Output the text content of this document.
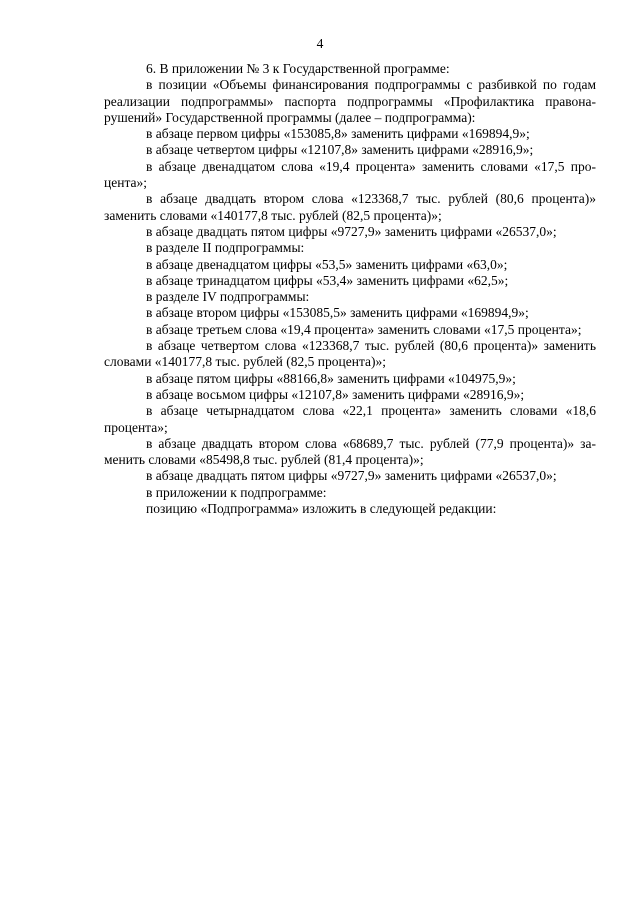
4

6. В приложении № 3 к Государственной программе:

в позиции «Объемы финансирования подпрограммы с разбивкой по годам реализации подпрограммы» паспорта подпрограммы «Профилактика правонарушений» Государственной программы (далее – подпрограмма):

в абзаце первом цифры «153085,8» заменить цифрами «169894,9»;

в абзаце четвертом цифры «12107,8» заменить цифрами «28916,9»;

в абзаце двенадцатом слова «19,4 процента» заменить словами «17,5 процента»;

в абзаце двадцать втором слова «123368,7 тыс. рублей (80,6 процента)» заменить словами «140177,8 тыс. рублей (82,5 процента)»;

в абзаце двадцать пятом цифры «9727,9» заменить цифрами «26537,0»;

в разделе II подпрограммы:

в абзаце двенадцатом цифры «53,5» заменить цифрами «63,0»;

в абзаце тринадцатом цифры «53,4» заменить цифрами «62,5»;

в разделе IV подпрограммы:

в абзаце втором цифры «153085,5» заменить цифрами «169894,9»;

в абзаце третьем слова «19,4 процента» заменить словами «17,5 процента»;

в абзаце четвертом слова «123368,7 тыс. рублей (80,6 процента)» заменить словами «140177,8 тыс. рублей (82,5 процента)»;

в абзаце пятом цифры «88166,8» заменить цифрами «104975,9»;

в абзаце восьмом цифры «12107,8» заменить цифрами «28916,9»;

в абзаце четырнадцатом слова «22,1 процента» заменить словами «18,6 процента»;

в абзаце двадцать втором слова «68689,7 тыс. рублей (77,9 процента)» заменить словами «85498,8 тыс. рублей (81,4 процента)»;

в абзаце двадцать пятом цифры «9727,9» заменить цифрами «26537,0»;

в приложении к подпрограмме:

позицию «Подпрограмма» изложить в следующей редакции:
